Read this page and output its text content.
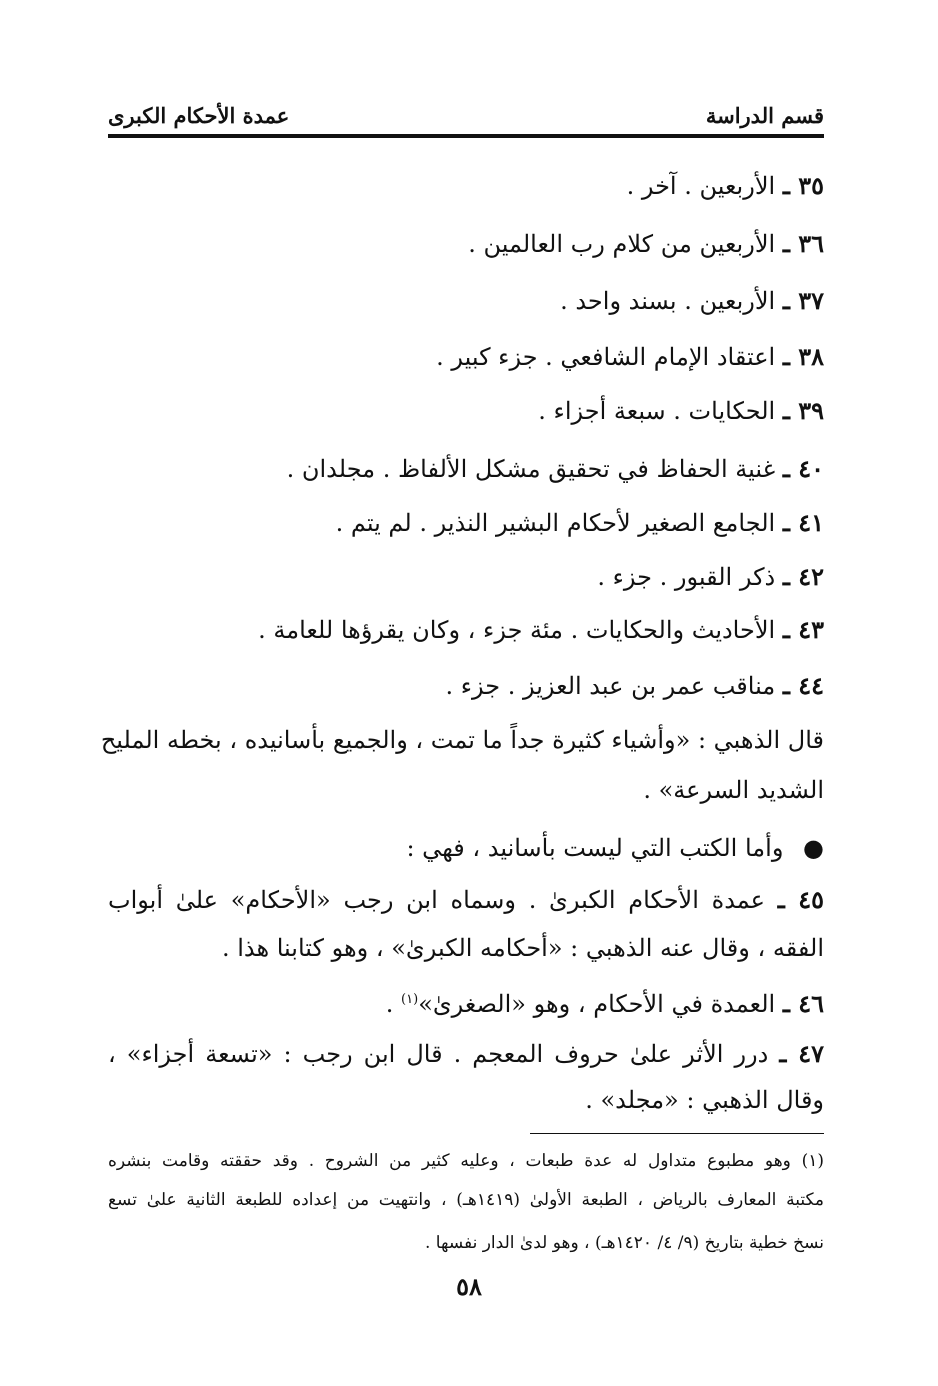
قسم الدراسة
عمدة الأحكام الكبرى
٣٥ ـ الأربعين . آخر .
٣٦ ـ الأربعين من كلام رب العالمين .
٣٧ ـ الأربعين . بسند واحد .
٣٨ ـ اعتقاد الإمام الشافعي . جزء كبير .
٣٩ ـ الحكايات . سبعة أجزاء .
٤٠ ـ غنية الحفاظ في تحقيق مشكل الألفاظ . مجلدان .
٤١ ـ الجامع الصغير لأحكام البشير النذير . لم يتم .
٤٢ ـ ذكر القبور . جزء .
٤٣ ـ الأحاديث والحكايات . مئة جزء ، وكان يقرؤها للعامة .
٤٤ ـ مناقب عمر بن عبد العزيز . جزء .
قال الذهبي : «وأشياء كثيرة جداً ما تمت ، والجميع بأسانيده ، بخطه المليح
الشديد السرعة» .
● وأما الكتب التي ليست بأسانيد ، فهي :
٤٥ ـ عمدة الأحكام الكبرىٰ . وسماه ابن رجب «الأحكام» علىٰ أبواب
الفقه ، وقال عنه الذهبي : «أحكامه الكبرىٰ» ، وهو كتابنا هذا .
٤٦ ـ العمدة في الأحكام ، وهو «الصغرىٰ»$^{(١)}$ .
٤٧ ـ درر الأثر علىٰ حروف المعجم . قال ابن رجب : «تسعة أجزاء» ،
وقال الذهبي : «مجلد» .
(١) وهو مطبوع متداول له عدة طبعات ، وعليه كثير من الشروح . وقد حققته وقامت بنشره
مكتبة المعارف بالرياض ، الطبعة الأولىٰ (١٤١٩هـ) ، وانتهيت من إعداده للطبعة الثانية علىٰ تسع
نسخ خطية بتاريخ (٩/ ٤/ ١٤٢٠هـ) ، وهو لدىٰ الدار نفسها .
٥٨
